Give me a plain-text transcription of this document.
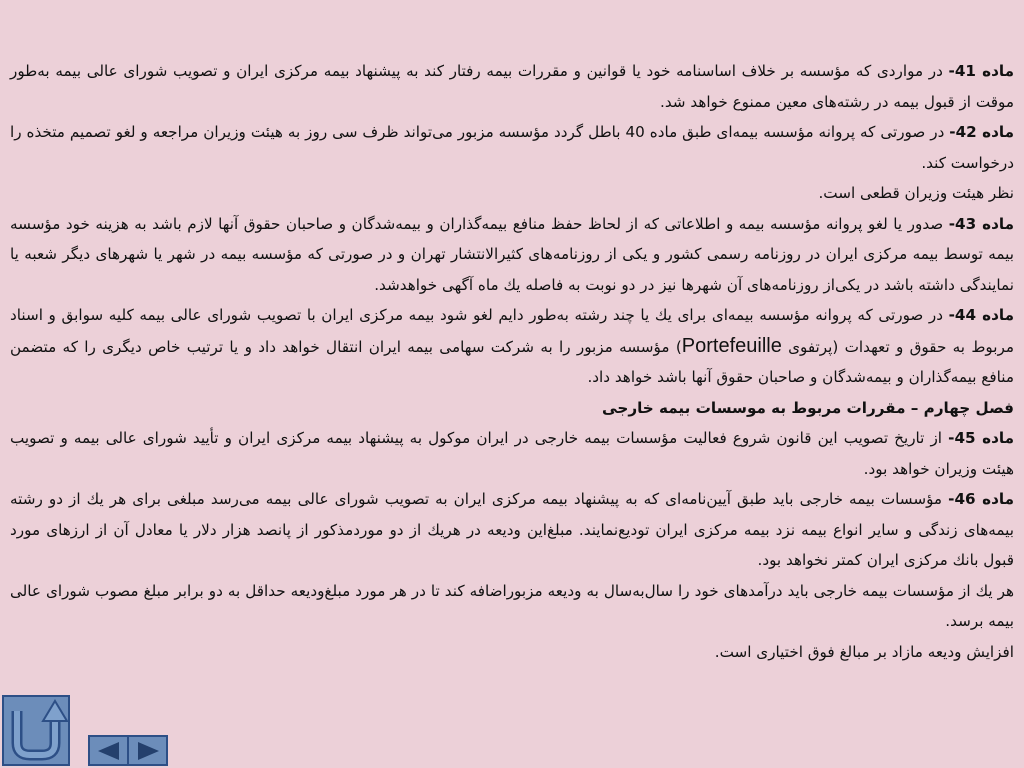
ماده 41- در مواردی که مؤسسه بر خلاف اساسنامه خود یا قوانین و مقررات بیمه رفتار کند به پیشنهاد بیمه مرکزی ایران و تصویب شورای عالی بیمه به‌طور موقت از قبول بیمه در رشته‌های معین ممنوع خواهد شد.

ماده 42- در صورتی که پروانه مؤسسه بیمه‌ای طبق ماده 40 باطل گردد مؤسسه مزبور می‌تواند ظرف سی روز به هیئت وزیران مراجعه و لغو تصمیم متخذه را درخواست کند.

نظر هیئت وزیران قطعی است.

ماده 43- صدور یا لغو پروانه مؤسسه بیمه و اطلاعاتی که از لحاظ حفظ منافع بیمه‌گذاران و بیمه‌شدگان و صاحبان حقوق آنها لازم باشد به هزینه خود مؤسسه بیمه توسط بیمه مرکزی ایران در روزنامه رسمی کشور و یکی از روزنامه‌های کثیرالانتشار تهران و در صورتی که مؤسسه بیمه در شهر یا شهرهای دیگر شعبه یا نمایندگی داشته باشد در یکی‌از روزنامه‌های آن شهرها نیز در دو نوبت به فاصله یك ماه آگهی خواهدشد.

ماده 44- در صورتی که پروانه مؤسسه بیمه‌ای برای یك یا چند رشته به‌طور دایم لغو شود بیمه مرکزی ایران با تصویب شورای عالی بیمه کلیه سوابق و اسناد مربوط به حقوق و تعهدات (پرتفوی Portefeuille) مؤسسه مزبور را به شرکت سهامی بیمه ایران انتقال خواهد داد و یا ترتیب خاص دیگری را که متضمن منافع بیمه‌گذاران و بیمه‌شدگان و صاحبان حقوق آنها باشد خواهد داد.

فصل چهارم – مقررات مربوط به موسسات بیمه خارجی

ماده 45- از تاریخ تصویب این قانون شروع فعالیت مؤسسات بیمه خارجی در ایران موکول به پیشنهاد بیمه مرکزی ایران و تأیید شورای عالی بیمه و تصویب هیئت وزیران خواهد بود.

ماده 46- مؤسسات بیمه خارجی باید طبق آیین‌نامه‌ای که به پیشنهاد بیمه مرکزی ایران به تصویب شورای عالی بیمه می‌رسد مبلغی برای هر یك از دو رشته بیمه‌های زندگی و سایر انواع بیمه نزد بیمه مرکزی ایران تودیع‌نمایند. مبلغ‌این ودیعه در هریك از دو موردمذکور از پانصد هزار دلار یا معادل آن از ارزهای مورد قبول بانك مرکزی ایران کمتر نخواهد بود.

هر یك از مؤسسات بیمه خارجی باید درآمدهای خود را سال‌به‌سال به ودیعه مزبوراضافه کند تا در هر مورد مبلغ‌ودیعه حداقل به دو برابر مبلغ مصوب شورای عالی بیمه برسد.

افزایش ودیعه مازاد بر مبالغ فوق اختیاری است.
